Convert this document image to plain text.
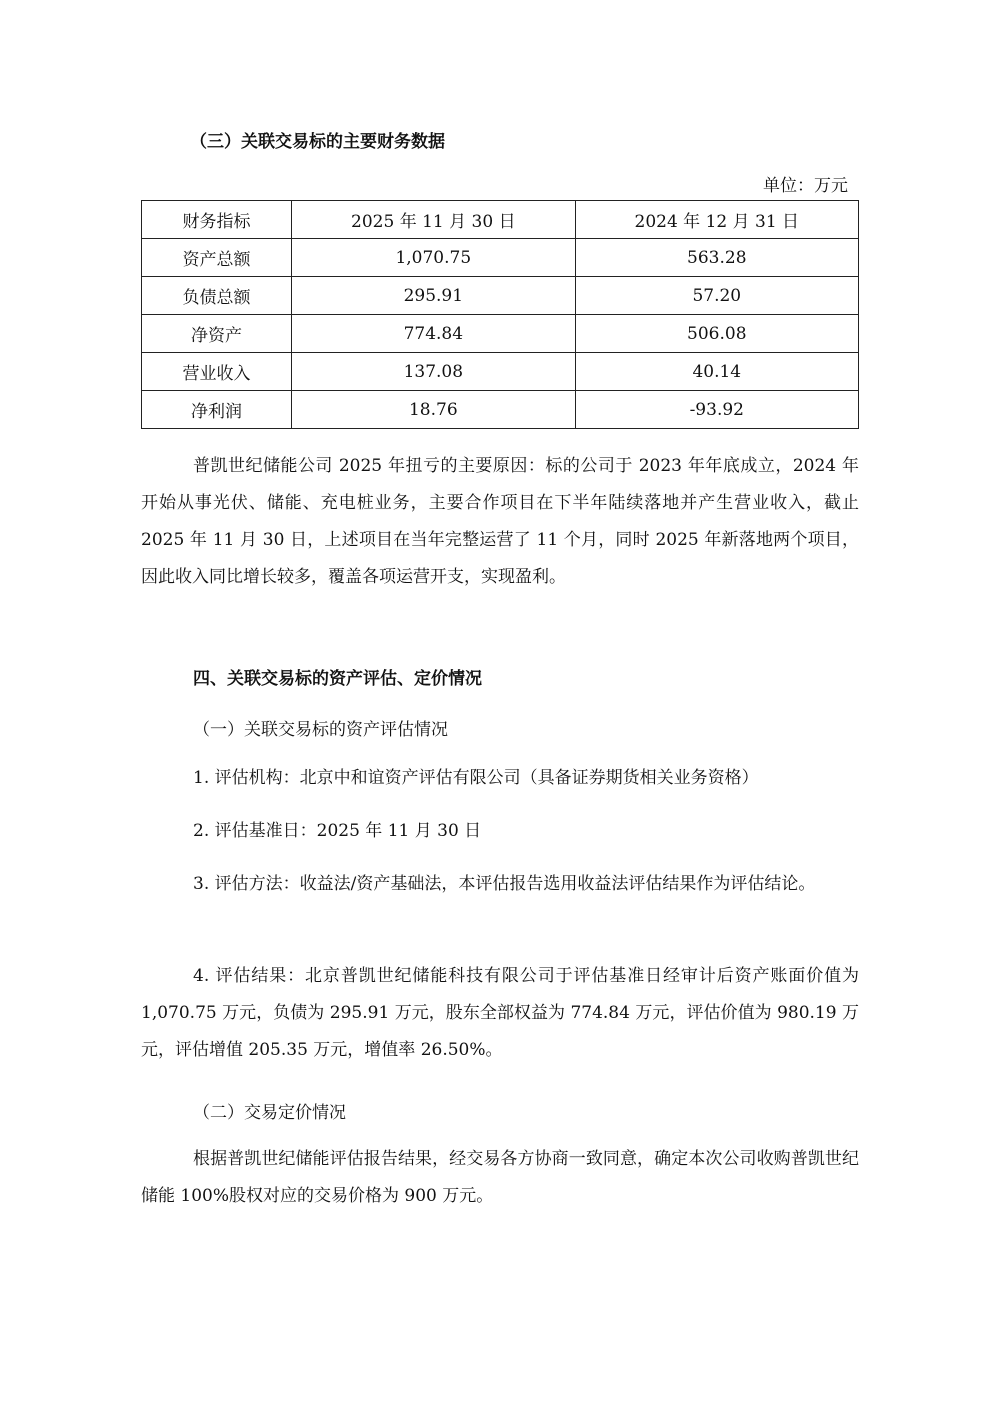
（三）关联交易标的主要财务数据
单位：万元
财务指标	2025 年 11 月 30 日	2024 年 12 月 31 日
资产总额	1,070.75	563.28
负债总额	295.91	57.20
净资产	774.84	506.08
营业收入	137.08	40.14
净利润	18.76	-93.92

普凯世纪储能公司 2025 年扭亏的主要原因：标的公司于 2023 年年底成立，2024 年开始从事光伏、储能、充电桩业务，主要合作项目在下半年陆续落地并产生营业收入，截止 2025 年 11 月 30 日，上述项目在当年完整运营了 11 个月，同时 2025 年新落地两个项目，因此收入同比增长较多，覆盖各项运营开支，实现盈利。

四、关联交易标的资产评估、定价情况
（一）关联交易标的资产评估情况

1. 评估机构：北京中和谊资产评估有限公司（具备证券期货相关业务资格）

2. 评估基准日：2025 年 11 月 30 日

3. 评估方法：收益法/资产基础法，本评估报告选用收益法评估结果作为评估结论。

4. 评估结果：北京普凯世纪储能科技有限公司于评估基准日经审计后资产账面价值为 1,070.75 万元，负债为 295.91 万元，股东全部权益为 774.84 万元，评估价值为 980.19 万元，评估增值 205.35 万元，增值率 26.50%。

（二）交易定价情况

根据普凯世纪储能评估报告结果，经交易各方协商一致同意，确定本次公司收购普凯世纪储能 100%股权对应的交易价格为 900 万元。
